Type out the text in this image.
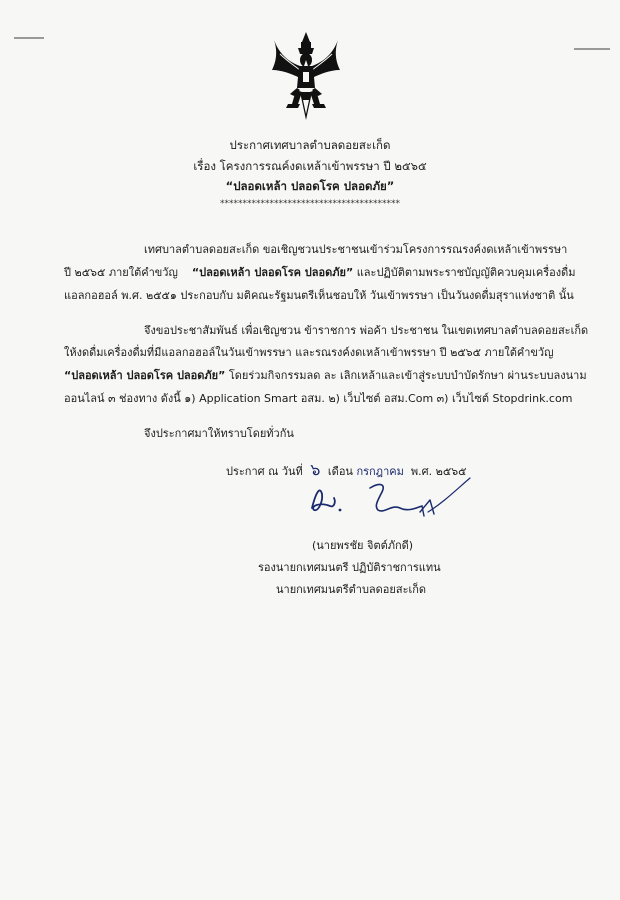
ประกาศเทศบาลตำบลดอยสะเก็ด
เรื่อง โครงการรณค์งดเหล้าเข้าพรรษา ปี ๒๕๖๕
“ปลอดเหล้า ปลอดโรค ปลอดภัย”
****************************************
เทศบาลตำบลดอยสะเก็ด ขอเชิญชวนประชาชนเข้าร่วมโครงการรณรงค์งดเหล้าเข้าพรรษา
ปี ๒๕๖๕ ภายใต้คำขวัญ “ปลอดเหล้า ปลอดโรค ปลอดภัย” และปฏิบัติตามพระราชบัญญัติควบคุมเครื่องดื่ม
แอลกอฮอล์ พ.ศ. ๒๕๕๑ ประกอบกับ มติคณะรัฐมนตรีเห็นชอบให้ วันเข้าพรรษา เป็นวันงดดื่มสุราแห่งชาติ นั้น
จึงขอประชาสัมพันธ์ เพื่อเชิญชวน ข้าราชการ พ่อค้า ประชาชน ในเขตเทศบาลตำบลดอยสะเก็ด
ให้งดดื่มเครื่องดื่มที่มีแอลกอฮอล์ในวันเข้าพรรษา และรณรงค์งดเหล้าเข้าพรรษา ปี ๒๕๖๕ ภายใต้คำขวัญ
“ปลอดเหล้า ปลอดโรค ปลอดภัย” โดยร่วมกิจกรรมลด ละ เลิกเหล้าและเข้าสู่ระบบบำบัดรักษา ผ่านระบบลงนาม
ออนไลน์ ๓ ช่องทาง ดังนี้ ๑) Application Smart อสม. ๒) เว็บไซต์ อสม.Com ๓) เว็บไซต์ Stopdrink.com
จึงประกาศมาให้ทราบโดยทั่วกัน
ประกาศ ณ วันที่ ๖ เดือน กรกฎาคม พ.ศ. ๒๕๖๕
(นายพรชัย จิตต์ภักดี)
รองนายกเทศมนตรี ปฏิบัติราชการแทน
นายกเทศมนตรีตำบลดอยสะเก็ด
